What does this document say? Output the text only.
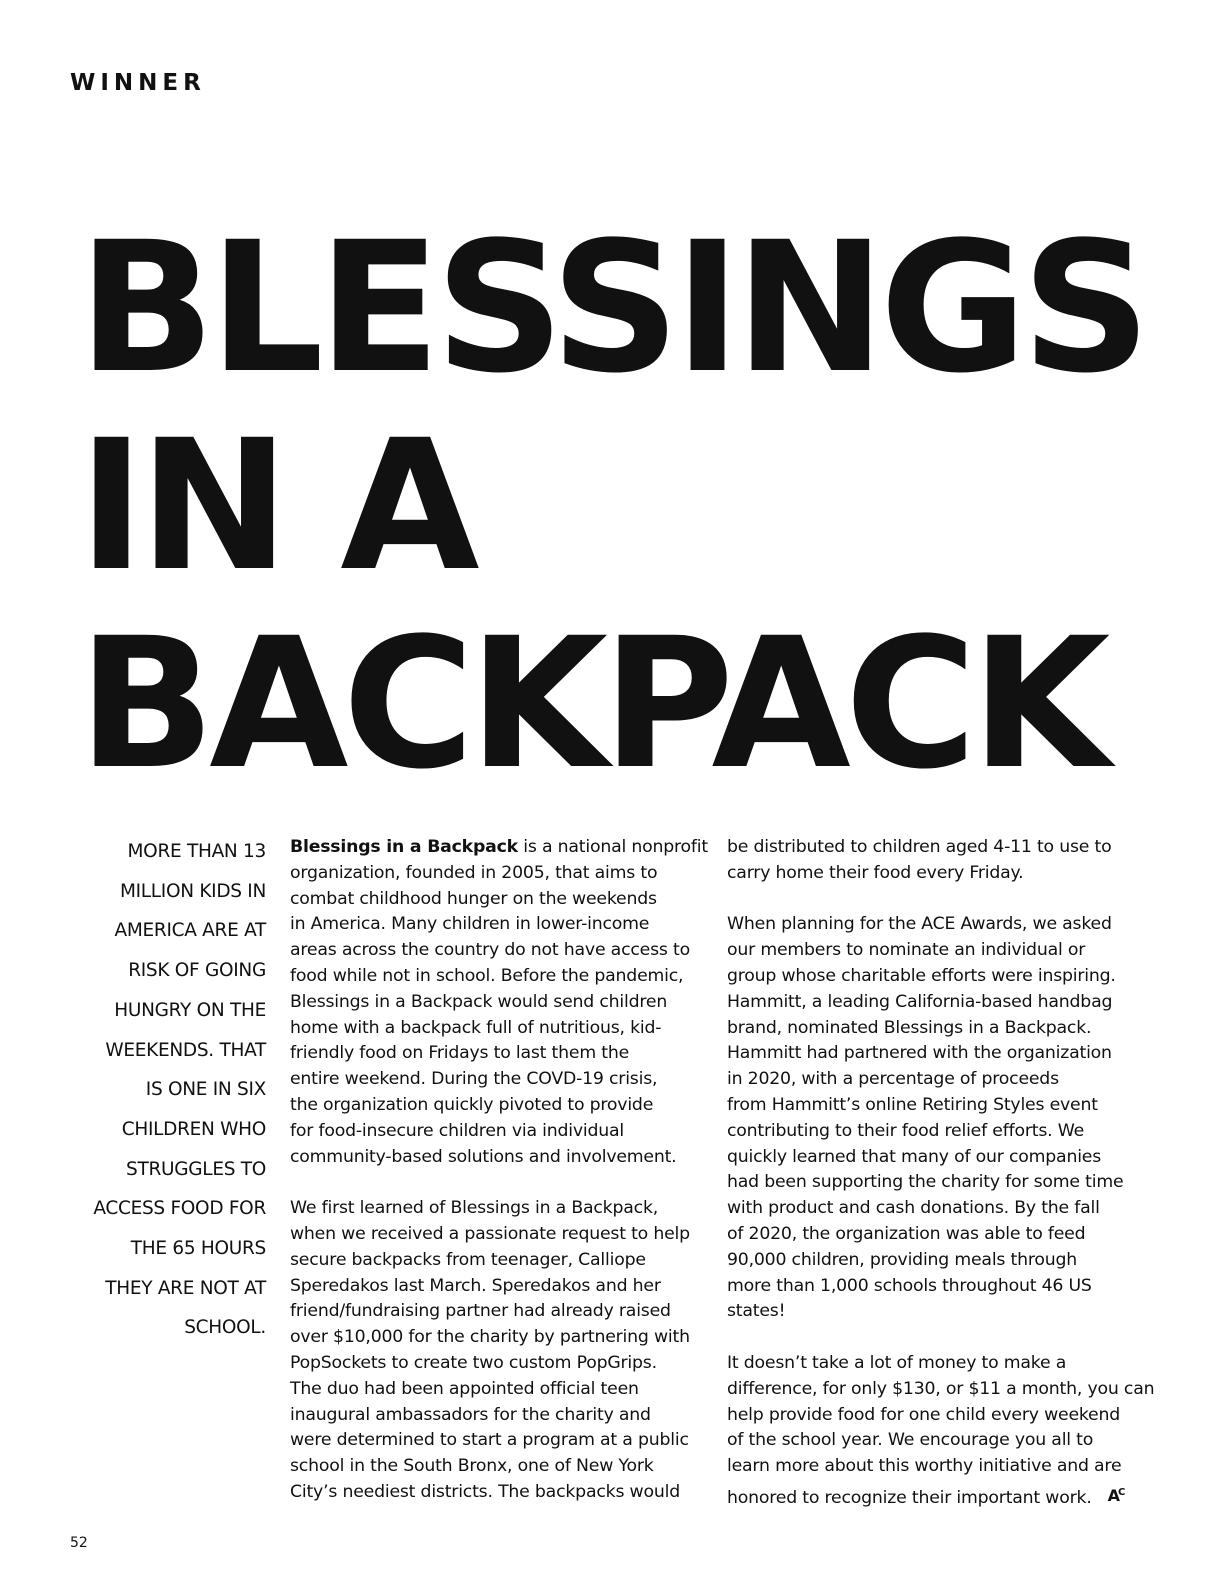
WINNER

BLESSINGS
IN A
BACKPACK

MORE THAN 13
MILLION KIDS IN
AMERICA ARE AT
RISK OF GOING
HUNGRY ON THE
WEEKENDS. THAT
IS ONE IN SIX
CHILDREN WHO
STRUGGLES TO
ACCESS FOOD FOR
THE 65 HOURS
THEY ARE NOT AT
SCHOOL.

Blessings in a Backpack is a national nonprofit
organization, founded in 2005, that aims to
combat childhood hunger on the weekends
in America. Many children in lower-income
areas across the country do not have access to
food while not in school. Before the pandemic,
Blessings in a Backpack would send children
home with a backpack full of nutritious, kid-
friendly food on Fridays to last them the
entire weekend. During the COVD-19 crisis,
the organization quickly pivoted to provide
for food-insecure children via individual
community-based solutions and involvement.

We first learned of Blessings in a Backpack,
when we received a passionate request to help
secure backpacks from teenager, Calliope
Speredakos last March. Speredakos and her
friend/fundraising partner had already raised
over $10,000 for the charity by partnering with
PopSockets to create two custom PopGrips.
The duo had been appointed official teen
inaugural ambassadors for the charity and
were determined to start a program at a public
school in the South Bronx, one of New York
City’s neediest districts. The backpacks would

be distributed to children aged 4-11 to use to
carry home their food every Friday.

When planning for the ACE Awards, we asked
our members to nominate an individual or
group whose charitable efforts were inspiring.
Hammitt, a leading California-based handbag
brand, nominated Blessings in a Backpack.
Hammitt had partnered with the organization
in 2020, with a percentage of proceeds
from Hammitt’s online Retiring Styles event
contributing to their food relief efforts. We
quickly learned that many of our companies
had been supporting the charity for some time
with product and cash donations. By the fall
of 2020, the organization was able to feed
90,000 children, providing meals through
more than 1,000 schools throughout 46 US
states!

It doesn’t take a lot of money to make a
difference, for only $130, or $11 a month, you can
help provide food for one child every weekend
of the school year. We encourage you all to
learn more about this worthy initiative and are
honored to recognize their important work. $A^C$

52
